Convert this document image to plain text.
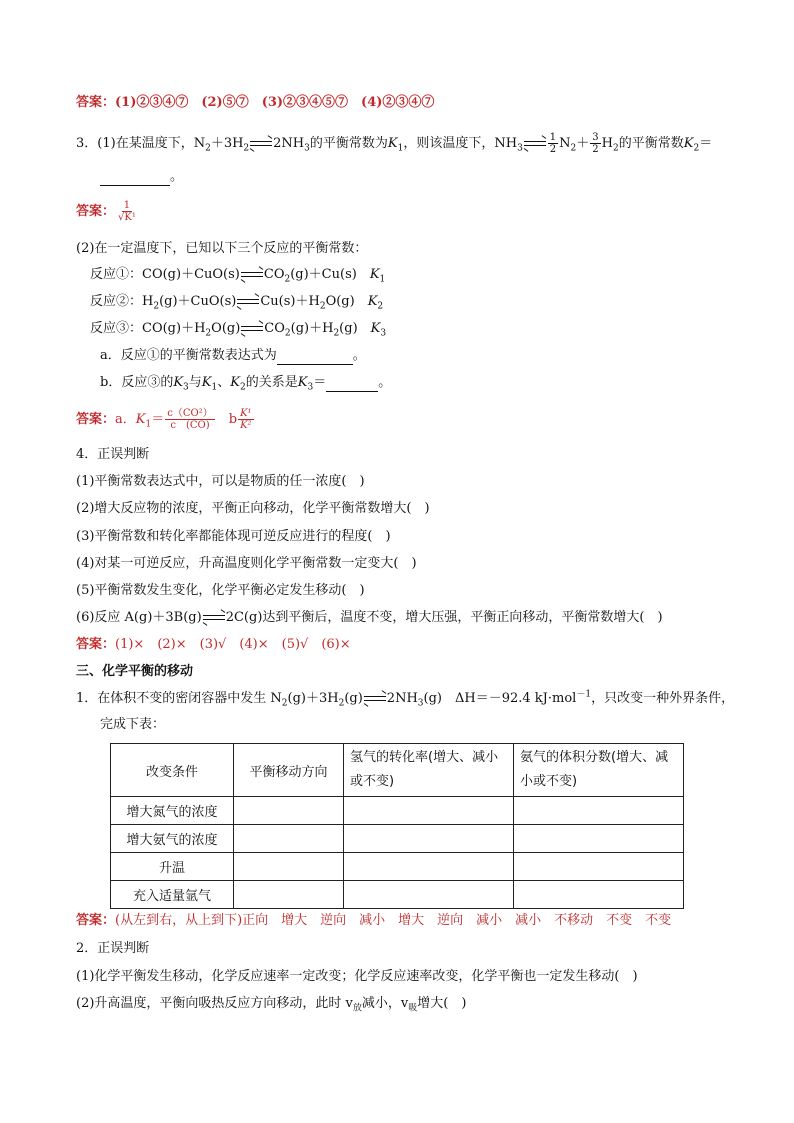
答案：(1)②③④⑦　(2)⑤⑦　(3)②③④⑤⑦　(4)②③④⑦
3．(1)在某温度下，$N_2+3H_2$ $2NH_3$的平衡常数为$K_1$，则该温度下，$NH_3$	$\frac{1}{2} N_2+ \frac{3}{2} H_2$的平衡常数$K_2=$
。
答案： $\frac{1}{\text{√K¹}}$
(2)在一定温度下，已知以下三个反应的平衡常数：
反应①：CO(g)＋CuO(s) $CO_2(g)+Cu(s)$　$K_1$
反应②：$H_2(g)+CuO(s)$ $Cu(s)+H_2O(g)$　$K_2$
反应③：$CO(g)+H_2O(g)$ $CO_2(g)+H_2(g)$　$K_3$
a．反应①的平衡常数表达式为	。
b．反应③的$K_3$与$K_1$、$K_2$的关系是$K_3=$	。
答案：a．$K_1= \frac{\text{c（CO²）}}{c (CO)}$
　 b $\frac{\text{K¹}}{\text{K²}}$
4．正误判断
(1)平衡常数表达式中，可以是物质的任一浓度(　)
(2)增大反应物的浓度，平衡正向移动，化学平衡常数增大(　)
(3)平衡常数和转化率都能体现可逆反应进行的程度(　)
(4)对某一可逆反应，升高温度则化学平衡常数一定变大(　)
(5)平衡常数发生变化，化学平衡必定发生移动(　)
(6)反应 A(g)＋3B(g) 2C(g)达到平衡后，温度不变，增大压强，平衡正向移动，平衡常数增大(　)
答案：(1)×　(2)×　(3)√　(4)×　(5)√　(6)×
三、化学平衡的移动
1．在体积不变的密闭容器中发生 $N_2(g)+3H_2(g)$ $2NH_3(g)$　ΔH＝－92.4 kJ·mol$^{-1}$，只改变一种外界条件，
完成下表：
改变条件	平衡移动方向	氢气的转化率(增大、减小或不变)	氨气的体积分数(增大、减小或不变)
增大氮气的浓度			
增大氨气的浓度			
升温			
充入适量氩气			
答案：(从左到右，从上到下)正向　增大　逆向　减小　增大　逆向　减小　减小　不移动　不变　不变
2．正误判断
(1)化学平衡发生移动，化学反应速率一定改变；化学反应速率改变，化学平衡也一定发生移动(　)
(2)升高温度，平衡向吸热反应方向移动，此时 $v_放$减小，$v_吸$增大(　)
